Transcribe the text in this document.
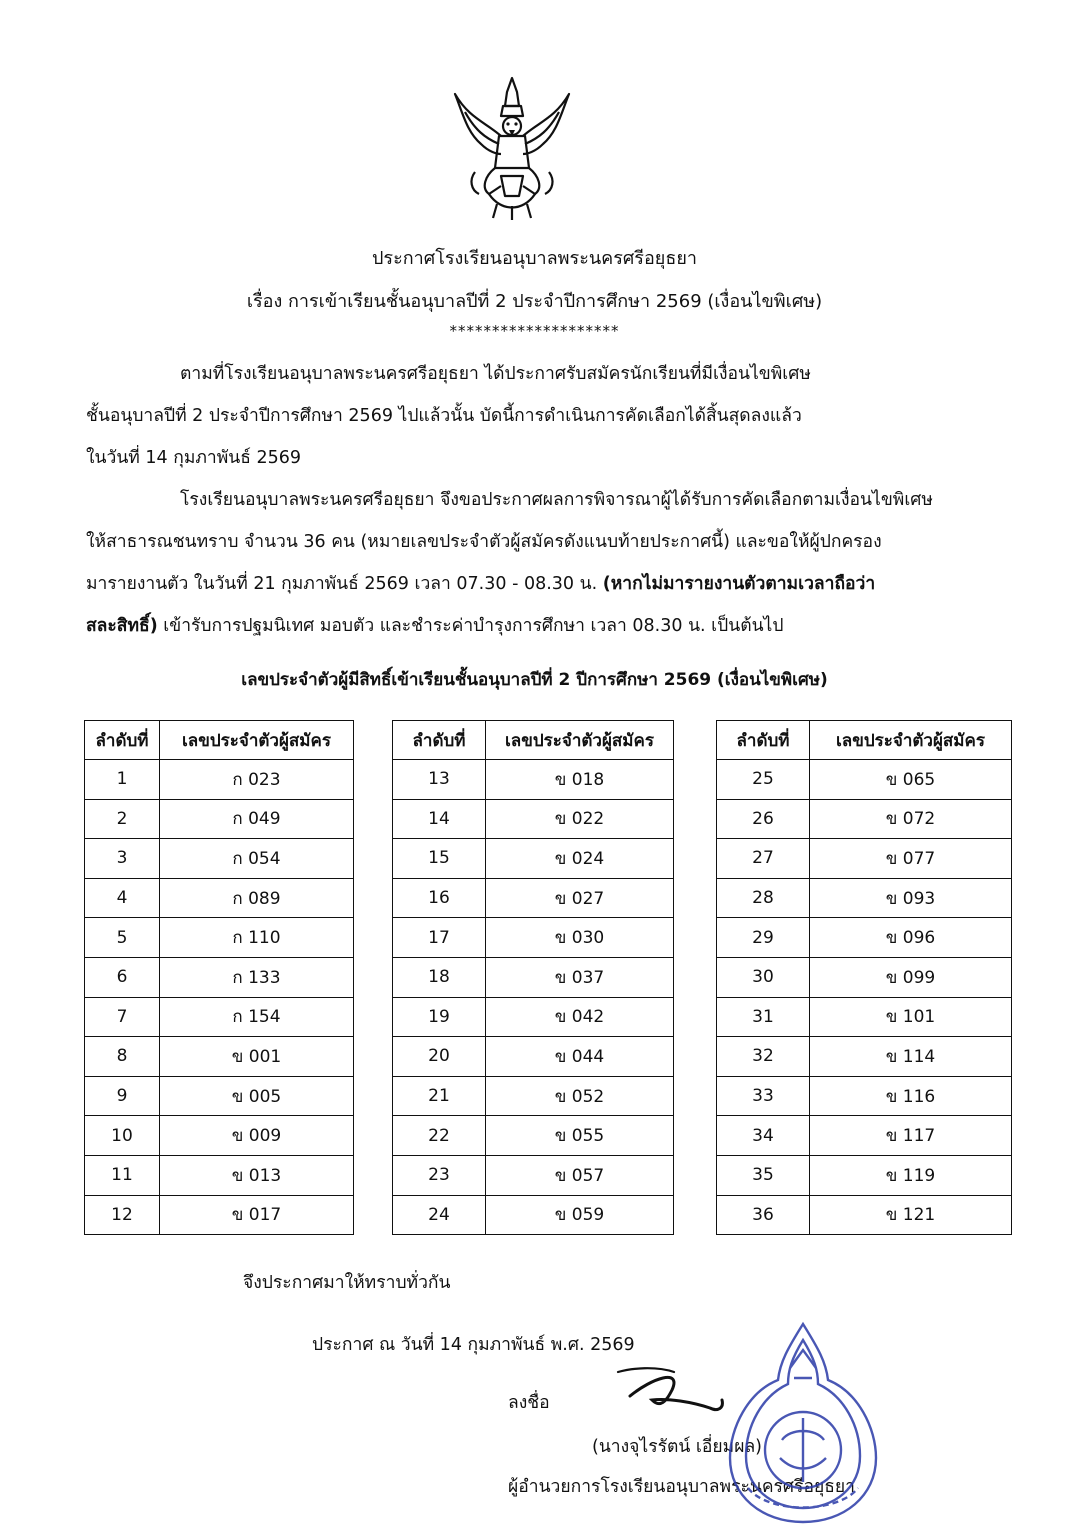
ประกาศโรงเรียนอนุบาลพระนครศรีอยุธยา
เรื่อง การเข้าเรียนชั้นอนุบาลปีที่ 2 ประจำปีการศึกษา 2569 (เงื่อนไขพิเศษ)
********************
ตามที่โรงเรียนอนุบาลพระนครศรีอยุธยา ได้ประกาศรับสมัครนักเรียนที่มีเงื่อนไขพิเศษ
ชั้นอนุบาลปีที่ 2 ประจำปีการศึกษา 2569 ไปแล้วนั้น บัดนี้การดำเนินการคัดเลือกได้สิ้นสุดลงแล้ว
ในวันที่ 14 กุมภาพันธ์ 2569
โรงเรียนอนุบาลพระนครศรีอยุธยา จึงขอประกาศผลการพิจารณาผู้ได้รับการคัดเลือกตามเงื่อนไขพิเศษ
ให้สาธารณชนทราบ จำนวน 36 คน (หมายเลขประจำตัวผู้สมัครดังแนบท้ายประกาศนี้) และขอให้ผู้ปกครอง
มารายงานตัว ในวันที่ 21 กุมภาพันธ์ 2569 เวลา 07.30 - 08.30 น. (หากไม่มารายงานตัวตามเวลาถือว่า
สละสิทธิ์) เข้ารับการปฐมนิเทศ มอบตัว และชำระค่าบำรุงการศึกษา เวลา 08.30 น. เป็นต้นไป
เลขประจำตัวผู้มีสิทธิ์เข้าเรียนชั้นอนุบาลปีที่ 2 ปีการศึกษา 2569 (เงื่อนไขพิเศษ)
ลำดับที่	เลขประจำตัวผู้สมัคร
1	ก 023
2	ก 049
3	ก 054
4	ก 089
5	ก 110
6	ก 133
7	ก 154
8	ข 001
9	ข 005
10	ข 009
11	ข 013
12	ข 017
ลำดับที่	เลขประจำตัวผู้สมัคร
13	ข 018
14	ข 022
15	ข 024
16	ข 027
17	ข 030
18	ข 037
19	ข 042
20	ข 044
21	ข 052
22	ข 055
23	ข 057
24	ข 059
ลำดับที่	เลขประจำตัวผู้สมัคร
25	ข 065
26	ข 072
27	ข 077
28	ข 093
29	ข 096
30	ข 099
31	ข 101
32	ข 114
33	ข 116
34	ข 117
35	ข 119
36	ข 121
จึงประกาศมาให้ทราบทั่วกัน
ประกาศ ณ วันที่ 14 กุมภาพันธ์ พ.ศ. 2569
ลงชื่อ
(นางจุไรรัตน์ เอี่ยมผล)
ผู้อำนวยการโรงเรียนอนุบาลพระนครศรีอยุธยา
